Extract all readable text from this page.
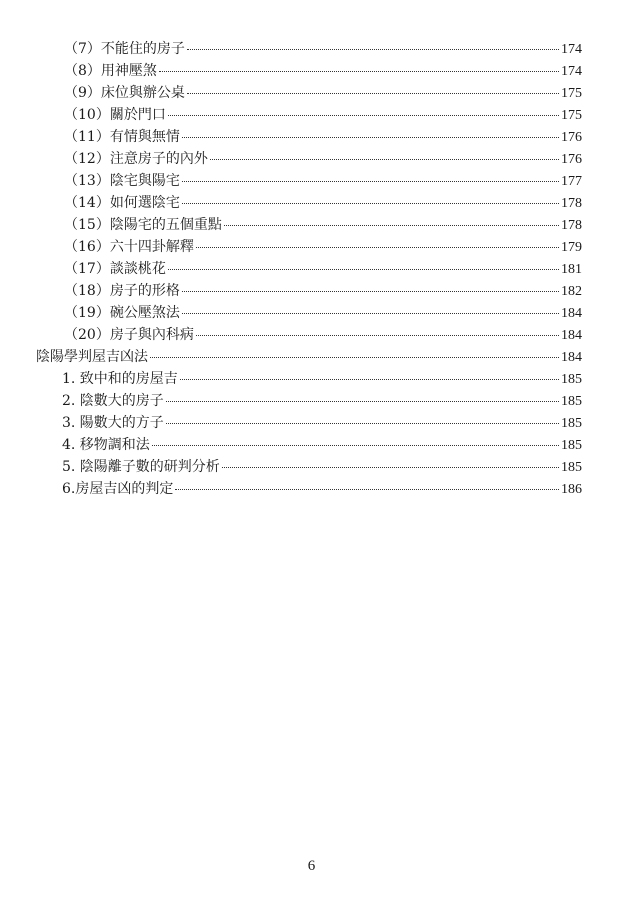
（7）不能住的房子	174
（8）用神壓煞	174
（9）床位與辦公桌	175
（10）關於門口	175
（11）有情與無情	176
（12）注意房子的內外	176
（13）陰宅與陽宅	177
（14）如何選陰宅	178
（15）陰陽宅的五個重點	178
（16）六十四卦解釋	179
（17）談談桃花	181
（18）房子的形格	182
（19）碗公壓煞法	184
（20）房子與內科病	184
陰陽學判屋吉凶法	184
1. 致中和的房屋吉	185
2. 陰數大的房子	185
3. 陽數大的方子	185
4. 移物調和法	185
5. 陰陽離子數的研判分析	185
6.房屋吉凶的判定	186
6
